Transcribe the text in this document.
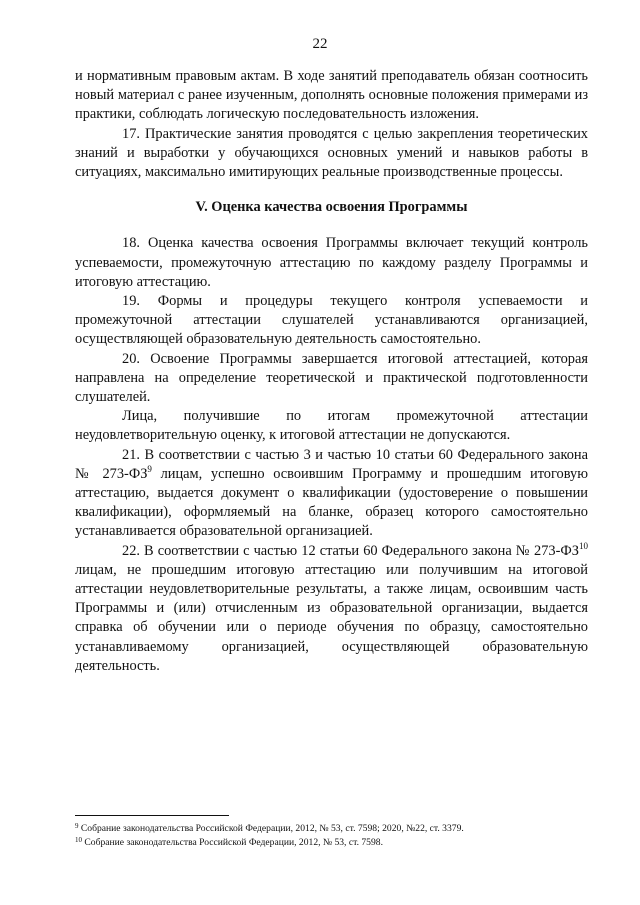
22

и нормативным правовым актам. В ходе занятий преподаватель обязан соотносить новый материал с ранее изученным, дополнять основные положения примерами из практики, соблюдать логическую последовательность изложения.

17. Практические занятия проводятся с целью закрепления теоретических знаний и выработки у обучающихся основных умений и навыков работы в ситуациях, максимально имитирующих реальные производственные процессы.

V. Оценка качества освоения Программы

18. Оценка качества освоения Программы включает текущий контроль успеваемости, промежуточную аттестацию по каждому разделу Программы и итоговую аттестацию.

19. Формы и процедуры текущего контроля успеваемости и промежуточной аттестации слушателей устанавливаются организацией, осуществляющей образовательную деятельность самостоятельно.

20. Освоение Программы завершается итоговой аттестацией, которая направлена на определение теоретической и практической подготовленности слушателей.

Лица, получившие по итогам промежуточной аттестации неудовлетворительную оценку, к итоговой аттестации не допускаются.

21. В соответствии с частью 3 и частью 10 статьи 60 Федерального закона № $273-ФЗ^9$ лицам, успешно освоившим Программу и прошедшим итоговую аттестацию, выдается документ о квалификации (удостоверение о повышении квалификации), оформляемый на бланке, образец которого самостоятельно устанавливается образовательной организацией.

22. В соответствии с частью 12 статьи 60 Федерального закона № 273-ФЗ$^{10}$ лицам, не прошедшим итоговую аттестацию или получившим на итоговой аттестации неудовлетворительные результаты, а также лицам, освоившим часть Программы и (или) отчисленным из образовательной организации, выдается справка об обучении или о периоде обучения по образцу, самостоятельно устанавливаемому организацией, осуществляющей образовательную деятельность.

$^9$ Собрание законодательства Российской Федерации, 2012, № 53, ст. 7598; 2020, №22, ст. 3379.

$^{10}$ Собрание законодательства Российской Федерации, 2012, № 53, ст. 7598.
